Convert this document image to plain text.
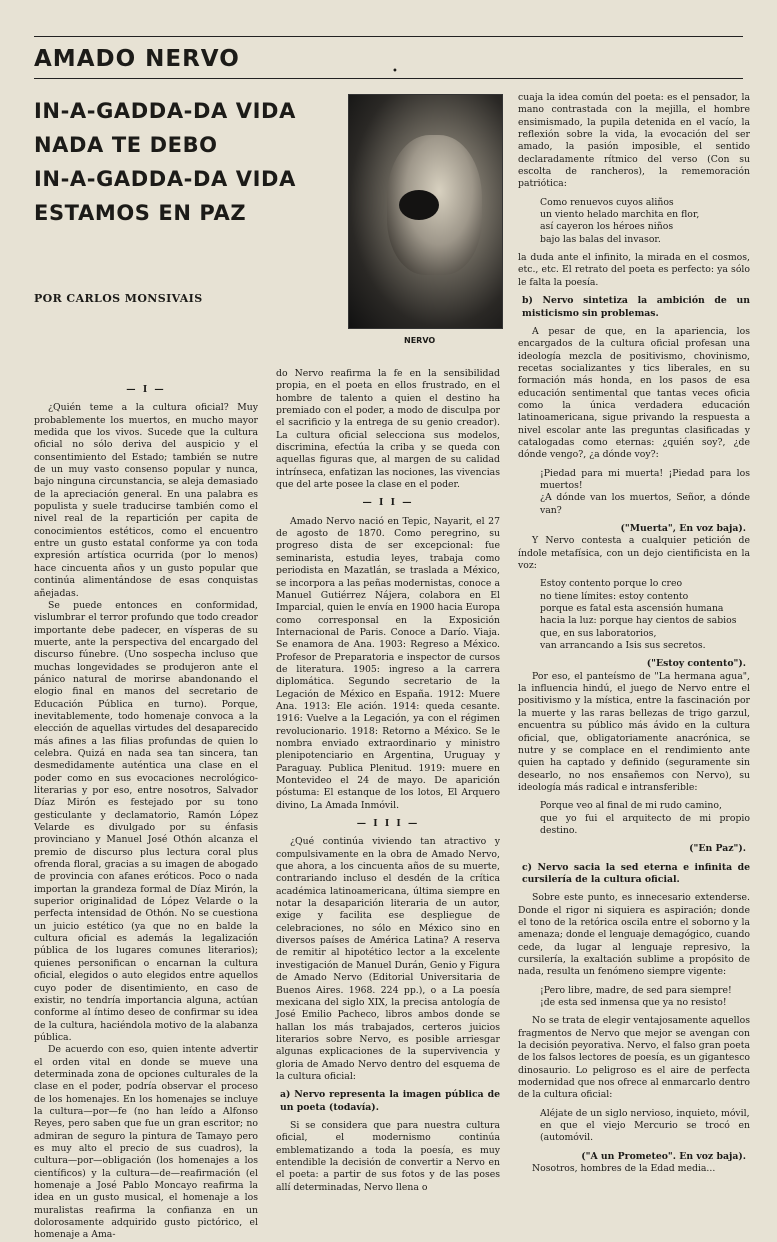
AMADO NERVO	•
IN-A-GADDA-DA VIDA
NADA TE DEBO
IN-A-GADDA-DA VIDA
ESTAMOS EN PAZ
POR CARLOS MONSIVAIS
NERVO

— I —

¿Quién teme a la cultura oficial? Muy probablemente los muertos, en mucho mayor medida que los vivos. Sucede que la cultura oficial no sólo deriva del auspicio y el consentimiento del Estado; también se nutre de un muy vasto consenso popular y nunca, bajo ninguna circunstancia, se aleja demasiado de la apreciación general. En una palabra es populista y suele traducirse también como el nivel real de la repartición per capita de conocimientos estéticos, como el encuentro entre un gusto estatal conforme ya con toda expresión artística ocurrida (por lo menos) hace cincuenta años y un gusto popular que continúa alimentándose de esas conquistas añejadas.

Se puede entonces en conformidad, vislumbrar el terror profundo que todo creador importante debe padecer, en vísperas de su muerte, ante la perspectiva del encargado del discurso fúnebre. (Uno sospecha incluso que muchas longevidades se produjeron ante el pánico natural de morirse abandonando el elogio final en manos del secretario de Educación Pública en turno). Porque, inevitablemente, todo homenaje convoca a la elección de aquellas virtudes del desaparecido más afines a las filias profundas de quien lo celebra. Quizá en nada sea tan sincera, tan desmedidamente auténtica una clase en el poder como en sus evocaciones necrológico-literarias y por eso, entre nosotros, Salvador Díaz Mirón es festejado por su tono gesticulante y declamatorio, Ramón López Velarde es divulgado por su énfasis provinciano y Manuel José Othón alcanza el premio de discurso plus lectura coral plus ofrenda floral, gracias a su imagen de abogado de provincia con afanes eróticos. Poco o nada importan la grandeza formal de Díaz Mirón, la superior originalidad de López Velarde o la perfecta intensidad de Othón. No se cuestiona un juicio estético (ya que no en balde la cultura oficial es además la legalización pública de los lugares comunes literarios); quienes personifican o encarnan la cultura oficial, elegidos o auto elegidos entre aquellos cuyo poder de disentimiento, en caso de existir, no tendría importancia alguna, actúan conforme al íntimo deseo de confirmar su idea de la cultura, haciéndola motivo de la alabanza pública.

De acuerdo con eso, quien intente advertir el orden vital en donde se mueve una determinada zona de opciones culturales de la clase en el poder, podría observar el proceso de los homenajes. En los homenajes se incluye la cultura—por—fe (no han leído a Alfonso Reyes, pero saben que fue un gran escritor; no admiran de seguro la pintura de Tamayo pero es muy alto el precio de sus cuadros), la cultura—por—obligación (los homenajes a los científicos) y la cultura—de—reafirmación (el homenaje a José Pablo Moncayo reafirma la idea en un gusto musical, el homenaje a los muralistas reafirma la confianza en un dolorosamente adquirido gusto pictórico, el homenaje a Ama-

do Nervo reafirma la fe en la sensibilidad propia, en el poeta en ellos frustrado, en el hombre de talento a quien el destino ha premiado con el poder, a modo de disculpa por el sacrificio y la entrega de su genio creador). La cultura oficial selecciona sus modelos, discrimina, efectúa la criba y se queda con aquellas figuras que, al margen de su calidad intrínseca, enfatizan las nociones, las vivencias que del arte posee la clase en el poder.

— I I —

Amado Nervo nació en Tepic, Nayarit, el 27 de agosto de 1870. Como peregrino, su progreso dista de ser excepcional: fue seminarista, estudia leyes, trabaja como periodista en Mazatlán, se traslada a México, se incorpora a las peñas modernistas, conoce a Manuel Gutiérrez Nájera, colabora en El Imparcial, quien le envía en 1900 hacia Europa como corresponsal en la Exposición Internacional de Paris. Conoce a Darío. Viaja. Se enamora de Ana. 1903: Regreso a México. Profesor de Preparatoria e inspector de cursos de literatura. 1905: ingreso a la carrera diplomática. Segundo secretario de la Legación de México en España. 1912: Muere Ana. 1913: Ele ación. 1914: queda cesante. 1916: Vuelve a la Legación, ya con el régimen revolucionario. 1918: Retorno a México. Se le nombra enviado extraordinario y ministro plenipotenciario en Argentina, Uruguay y Paraguay. Publica Plenitud. 1919: muere en Montevideo el 24 de mayo. De aparición póstuma: El estanque de los lotos, El Arquero divino, La Amada Inmóvil.

— I I I —

¿Qué continúa viviendo tan atractivo y compulsivamente en la obra de Amado Nervo, que ahora, a los cincuenta años de su muerte, contrariando incluso el desdén de la crítica académica latinoamericana, última siempre en notar la desaparición literaria de un autor, exige y facilita ese despliegue de celebraciones, no sólo en México sino en diversos países de América Latina? A reserva de remitir al hipotético lector a la excelente investigación de Manuel Durán, Genio y Figura de Amado Nervo (Editorial Universitaria de Buenos Aires. 1968. 224 pp.), o a La poesía mexicana del siglo XIX, la precisa antología de José Emilio Pacheco, libros ambos donde se hallan los más trabajados, certeros juicios literarios sobre Nervo, es posible arriesgar algunas explicaciones de la supervivencia y gloria de Amado Nervo dentro del esquema de la cultura oficial:

a) Nervo representa la imagen pública de un poeta (todavía).

Si se considera que para nuestra cultura oficial, el modernismo continúa emblematizando a toda la poesía, es muy entendible la decisión de convertir a Nervo en el poeta: a partir de sus fotos y de las poses allí determinadas, Nervo llena o

cuaja la idea común del poeta: es el pensador, la mano contrastada con la mejilla, el hombre ensimismado, la pupila detenida en el vacío, la reflexión sobre la vida, la evocación del ser amado, la pasión imposible, el sentido declaradamente rítmico del verso (Con su escolta de rancheros), la rememoración patriótica:

Como renuevos cuyos aliños
un viento helado marchita en flor,
así cayeron los héroes niños
bajo las balas del invasor.

la duda ante el infinito, la mirada en el cosmos, etc., etc. El retrato del poeta es perfecto: ya sólo le falta la poesía.

b) Nervo sintetiza la ambición de un misticismo sin problemas.

A pesar de que, en la apariencia, los encargados de la cultura oficial profesan una ideología mezcla de positivismo, chovinismo, recetas socializantes y tics liberales, en su formación más honda, en los pasos de esa educación sentimental que tantas veces oficia como la única verdadera educación latinoamericana, sigue privando la respuesta a nivel escolar ante las preguntas clasificadas y catalogadas como eternas: ¿quién soy?, ¿de dónde vengo?, ¿a dónde voy?:

¡Piedad para mi muerta! ¡Piedad para los muertos!
¿A dónde van los muertos, Señor, a dónde van?

("Muerta", En voz baja).

Y Nervo contesta a cualquier petición de índole metafísica, con un dejo cientificista en la voz:

Estoy contento porque lo creo
no tiene límites: estoy contento
porque es fatal esta ascensión humana
hacia la luz: porque hay cientos de sabios
que, en sus laboratorios,
van arrancando a Isis sus secretos.

("Estoy contento").

Por eso, el panteísmo de "La hermana agua", la influencia hindú, el juego de Nervo entre el positivismo y la mística, entre la fascinación por la muerte y las raras bellezas de trigo garzul, encuentra su público más ávido en la cultura oficial, que, obligatoriamente anacrónica, se nutre y se complace en el rendimiento ante quien ha captado y definido (seguramente sin desearlo, no nos ensañemos con Nervo), su ideología más radical e intransferible:

Porque veo al final de mi rudo camino,
que yo fui el arquitecto de mi propio destino.

("En Paz").

c) Nervo sacia la sed eterna e infinita de cursilería de la cultura oficial.

Sobre este punto, es innecesario extenderse. Donde el rigor ni siquiera es aspiración; donde el tono de la retórica oscila entre el soborno y la amenaza; donde el lenguaje demagógico, cuando cede, da lugar al lenguaje represivo, la cursilería, la exaltación sublime a propósito de nada, resulta un fenómeno siempre vigente:

¡Pero libre, madre, de sed para siempre!
¡de esta sed inmensa que ya no resisto!

No se trata de elegir ventajosamente aquellos fragmentos de Nervo que mejor se avengan con la decisión peyorativa. Nervo, el falso gran poeta de los falsos lectores de poesía, es un gigantesco dinosaurio. Lo peligroso es el aire de perfecta modernidad que nos ofrece al enmarcarlo dentro de la cultura oficial:

Aléjate de un siglo nervioso, inquieto, móvil,
en que el viejo Mercurio se trocó en (automóvil.

("A un Prometeo". En voz baja).

Nosotros, hombres de la Edad media...
